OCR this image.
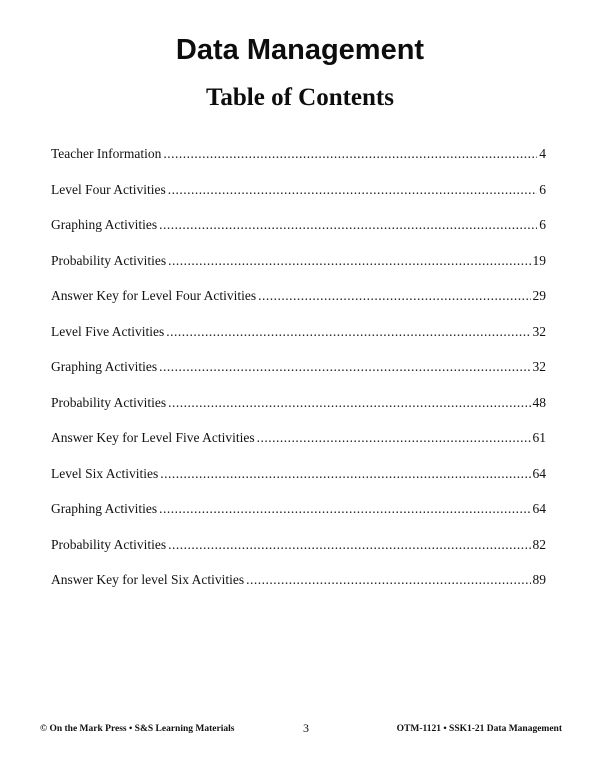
Data Management
Table of Contents
Teacher Information .....	4
Level Four Activities .....	6
Graphing Activities .....	6
Probability Activities .....	19
Answer Key for Level Four Activities .....	29
Level Five Activities .....	32
Graphing Activities .....	32
Probability Activities .....	48
Answer Key for Level Five Activities .....	61
Level Six Activities .....	64
Graphing Activities .....	64
Probability Activities .....	82
Answer Key for level Six Activities .....	89
© On the Mark Press • S&S Learning Materials	3	OTM-1121 • SSK1-21 Data Management
